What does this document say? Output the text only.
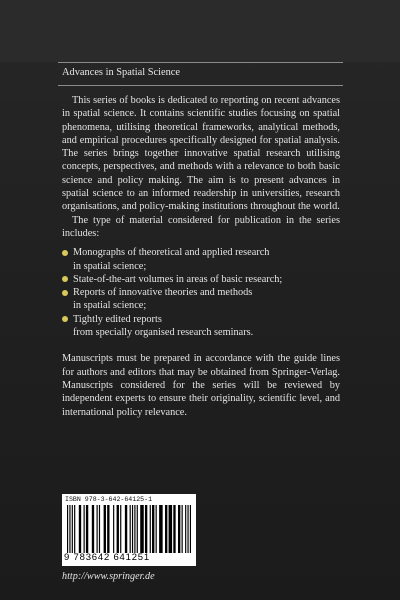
Advances in Spatial Science

This series of books is dedicated to reporting on recent advances in spatial science. It contains scientific studies focusing on spatial phenomena, utilising theoretical frameworks, analytical methods, and empirical procedures specifically designed for spatial analysis. The series brings together innovative spatial research utilising concepts, perspectives, and methods with a relevance to both basic science and policy making. The aim is to present advances in spatial science to an informed readership in universities, research organisations, and policy-making institutions throughout the world.

The type of material considered for publication in the series includes:

Monographs of theoretical and applied research
in spatial science;
State-of-the-art volumes in areas of basic research;
Reports of innovative theories and methods
in spatial science;
Tightly edited reports
from specially organised research seminars.

Manuscripts must be prepared in accordance with the guide lines for authors and editors that may be obtained from Springer-Verlag. Manuscripts considered for the series will be reviewed by independent experts to ensure their originality, scientific level, and international policy relevance.

ISBN 978-3-642-64125-1
9 783642 641251
http://www.springer.de
